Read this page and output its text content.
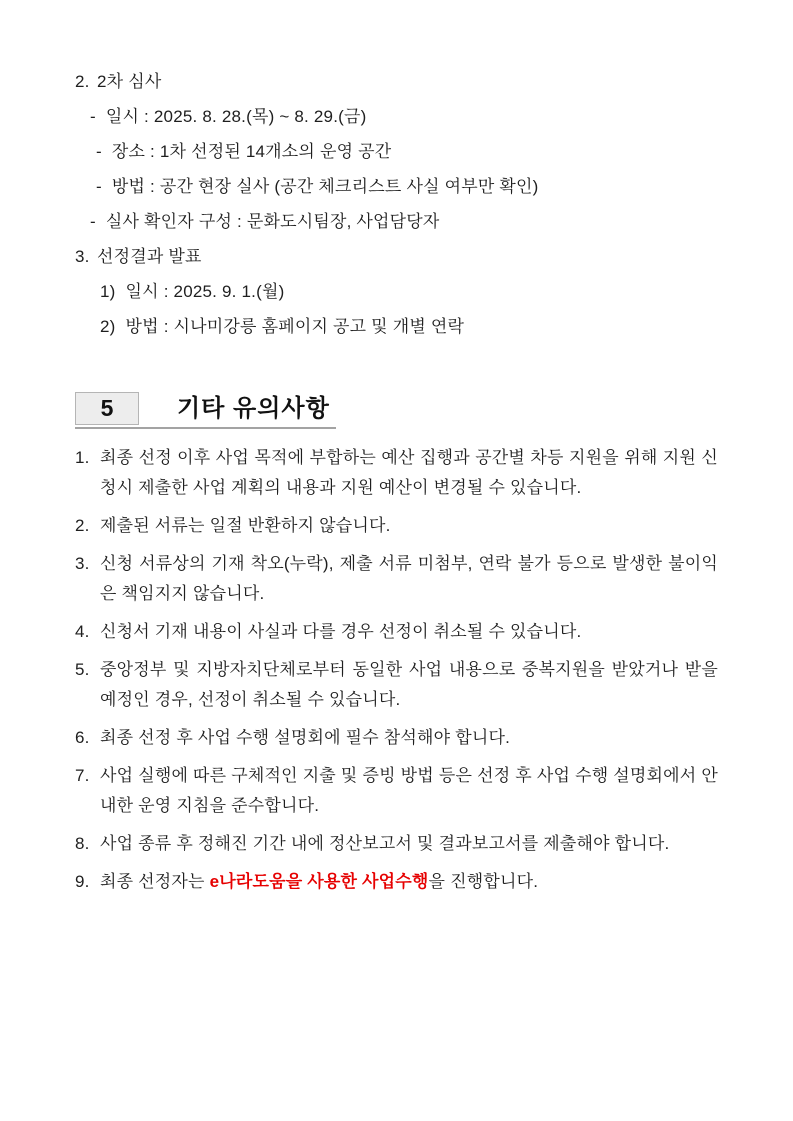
2. 2차 심사
- 일시 : 2025. 8. 28.(목) ~ 8. 29.(금)
- 장소 : 1차 선정된 14개소의 운영 공간
- 방법 : 공간 현장 실사 (공간 체크리스트 사실 여부만 확인)
- 실사 확인자 구성 : 문화도시팀장, 사업담당자
3. 선정결과 발표
1) 일시 : 2025. 9. 1.(월)
2) 방법 : 시나미강릉 홈페이지 공고 및 개별 연락
5	기타 유의사항
1. 최종 선정 이후 사업 목적에 부합하는 예산 집행과 공간별 차등 지원을 위해 지원 신청시 제출한 사업 계획의 내용과 지원 예산이 변경될 수 있습니다.
2. 제출된 서류는 일절 반환하지 않습니다.
3. 신청 서류상의 기재 착오(누락), 제출 서류 미첨부, 연락 불가 등으로 발생한 불이익은 책임지지 않습니다.
4. 신청서 기재 내용이 사실과 다를 경우 선정이 취소될 수 있습니다.
5. 중앙정부 및 지방자치단체로부터 동일한 사업 내용으로 중복지원을 받았거나 받을 예정인 경우, 선정이 취소될 수 있습니다.
6. 최종 선정 후 사업 수행 설명회에 필수 참석해야 합니다.
7. 사업 실행에 따른 구체적인 지출 및 증빙 방법 등은 선정 후 사업 수행 설명회에서 안내한 운영 지침을 준수합니다.
8. 사업 종류 후 정해진 기간 내에 정산보고서 및 결과보고서를 제출해야 합니다.
9. 최종 선정자는 e나라도움을 사용한 사업수행을 진행합니다.
